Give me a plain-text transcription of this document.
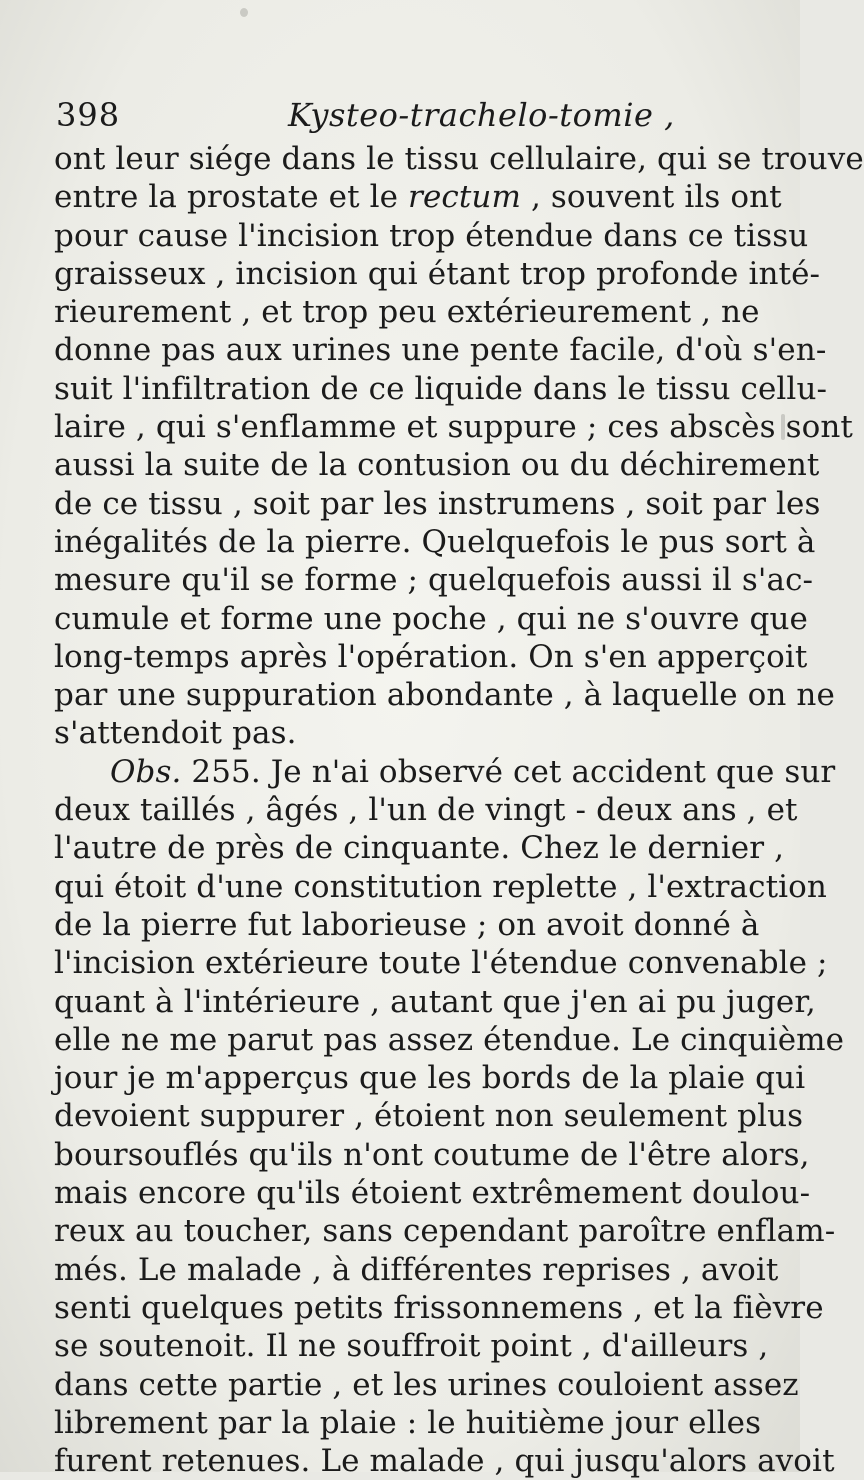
398	Kysteo-trachelo-tomie ,
ont leur siége dans le tissu cellulaire, qui se trouve
entre la prostate et le rectum , souvent ils ont
pour cause l'incision trop étendue dans ce tissu
graisseux , incision qui étant trop profonde inté-
rieurement , et trop peu extérieurement , ne
donne pas aux urines une pente facile, d'où s'en-
suit l'infiltration de ce liquide dans le tissu cellu-
laire , qui s'enflamme et suppure ; ces abscès sont
aussi la suite de la contusion ou du déchirement
de ce tissu , soit par les instrumens , soit par les
inégalités de la pierre. Quelquefois le pus sort à
mesure qu'il se forme ; quelquefois aussi il s'ac-
cumule et forme une poche , qui ne s'ouvre que
long-temps après l'opération. On s'en apperçoit
par une suppuration abondante , à laquelle on ne
s'attendoit pas.
Obs. 255. Je n'ai observé cet accident que sur
deux taillés , âgés , l'un de vingt - deux ans , et
l'autre de près de cinquante. Chez le dernier ,
qui étoit d'une constitution replette , l'extraction
de la pierre fut laborieuse ; on avoit donné à
l'incision extérieure toute l'étendue convenable ;
quant à l'intérieure , autant que j'en ai pu juger,
elle ne me parut pas assez étendue. Le cinquième
jour je m'apperçus que les bords de la plaie qui
devoient suppurer , étoient non seulement plus
boursouflés qu'ils n'ont coutume de l'être alors,
mais encore qu'ils étoient extrêmement doulou-
reux au toucher, sans cependant paroître enflam-
més. Le malade , à différentes reprises , avoit
senti quelques petits frissonnemens , et la fièvre
se soutenoit. Il ne souffroit point , d'ailleurs ,
dans cette partie , et les urines couloient assez
librement par la plaie : le huitième jour elles
furent retenues. Le malade , qui jusqu'alors avoit
